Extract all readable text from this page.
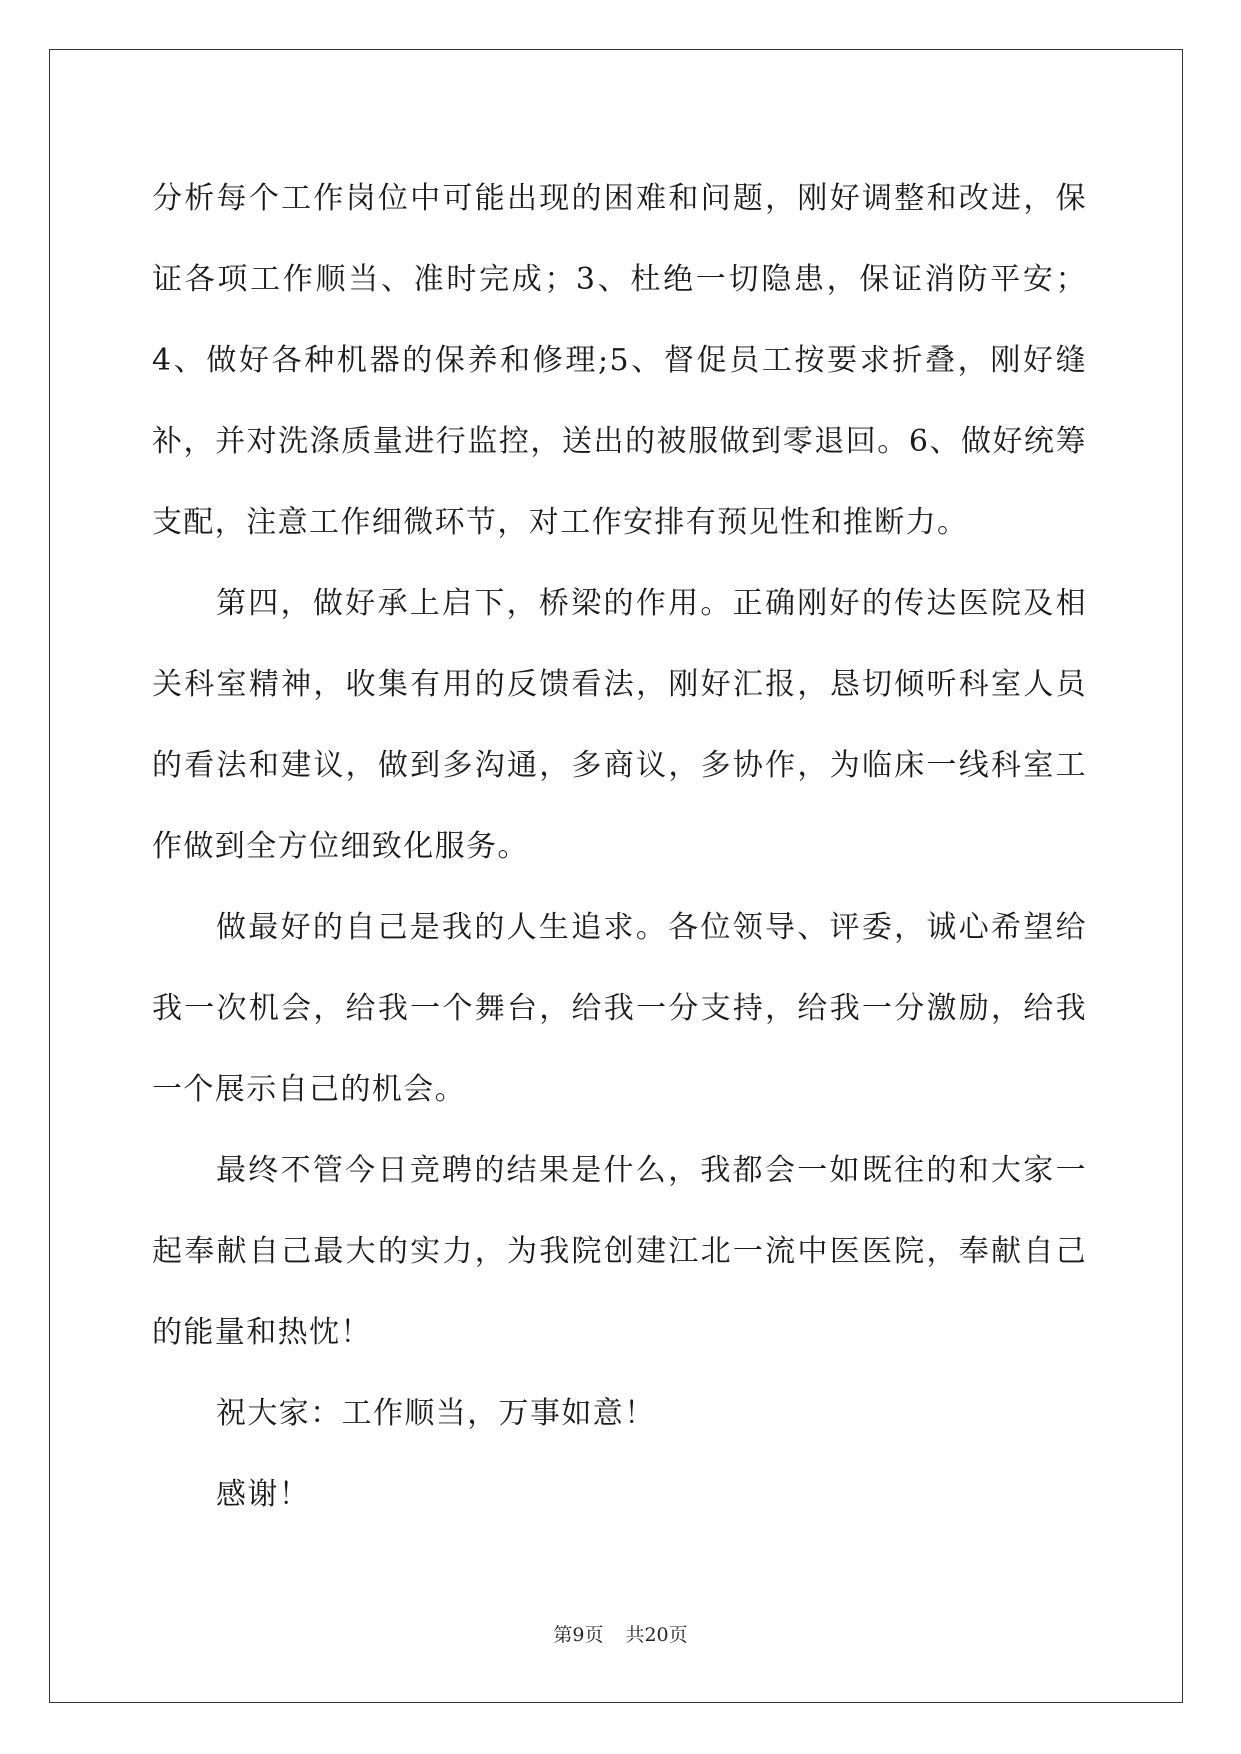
分析每个工作岗位中可能出现的困难和问题，刚好调整和改进，保证各项工作顺当、准时完成；3、杜绝一切隐患，保证消防平安；4、做好各种机器的保养和修理;5、督促员工按要求折叠，刚好缝补，并对洗涤质量进行监控，送出的被服做到零退回。6、做好统筹支配，注意工作细微环节，对工作安排有预见性和推断力。

第四，做好承上启下，桥梁的作用。正确刚好的传达医院及相关科室精神，收集有用的反馈看法，刚好汇报，恳切倾听科室人员的看法和建议，做到多沟通，多商议，多协作，为临床一线科室工作做到全方位细致化服务。

做最好的自己是我的人生追求。各位领导、评委，诚心希望给我一次机会，给我一个舞台，给我一分支持，给我一分激励，给我一个展示自己的机会。

最终不管今日竞聘的结果是什么，我都会一如既往的和大家一起奉献自己最大的实力，为我院创建江北一流中医医院，奉献自己的能量和热忱！

祝大家：工作顺当，万事如意！

感谢！

第9页 共20页
